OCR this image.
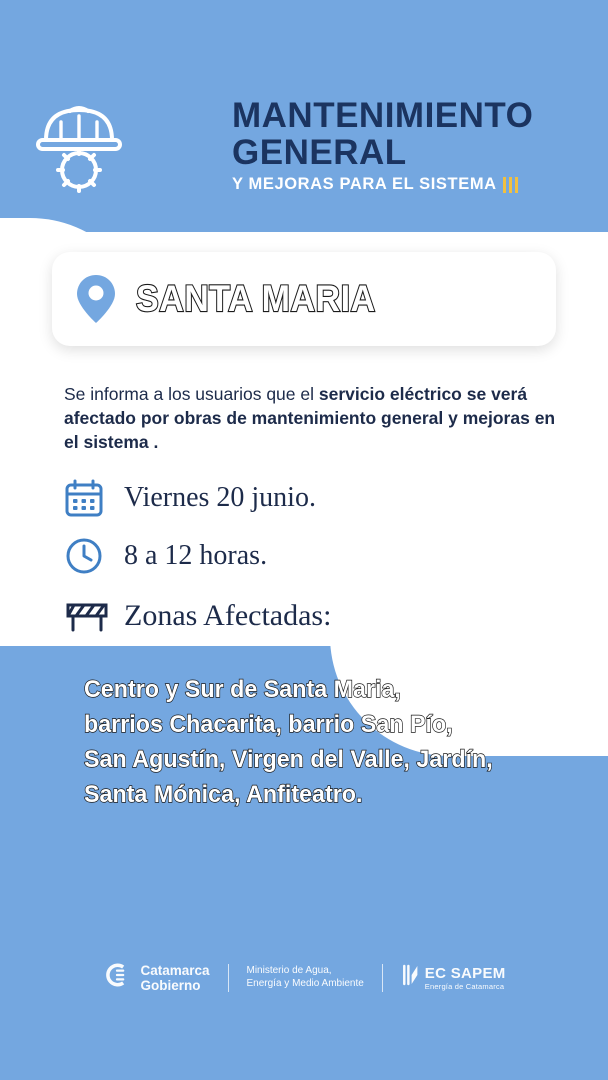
MANTENIMIENTO
GENERAL
Y MEJORAS PARA EL SISTEMA
SANTA MARIA
Se informa a los usuarios que el servicio eléctrico se verá afectado por obras de mantenimiento general y mejoras en el sistema .
Viernes 20 junio.
8 a 12 horas.
Zonas Afectadas:
Centro y Sur de Santa Maria,
barrios Chacarita, barrio San Pío,
San Agustín, Virgen del Valle, Jardín,
Santa Mónica, Anfiteatro.
Catamarca
Gobierno
Ministerio de Agua,
Energía y Medio Ambiente
EC SAPEM
Energía de Catamarca
